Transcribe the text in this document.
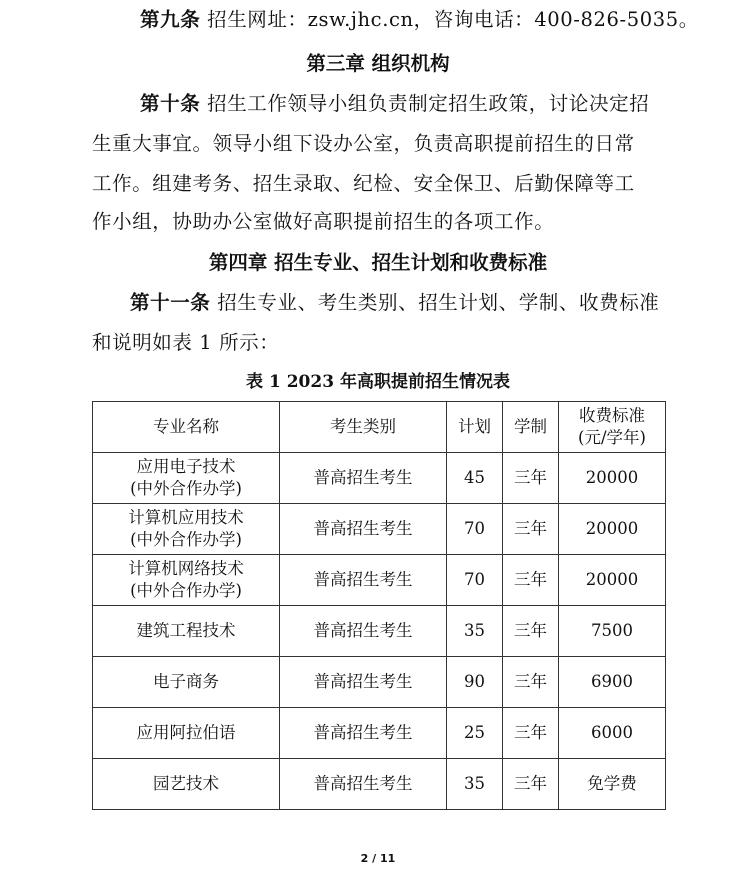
第九条 招生网址：zsw.jhc.cn，咨询电话：400-826-5035。
第三章 组织机构
第十条 招生工作领导小组负责制定招生政策，讨论决定招
生重大事宜。领导小组下设办公室，负责高职提前招生的日常
工作。组建考务、招生录取、纪检、安全保卫、后勤保障等工
作小组，协助办公室做好高职提前招生的各项工作。
第四章 招生专业、招生计划和收费标准
第十一条 招生专业、考生类别、招生计划、学制、收费标准
和说明如表 1 所示：
表 1 2023 年高职提前招生情况表
专业名称	考生类别	计划	学制	收费标准
(元/学年)

应用电子技术
(中外合作办学)	普高招生考生	45	三年	20000

计算机应用技术
(中外合作办学)	普高招生考生	70	三年	20000

计算机网络技术
(中外合作办学)	普高招生考生	70	三年	20000
建筑工程技术	普高招生考生	35	三年	7500
电子商务	普高招生考生	90	三年	6900
应用阿拉伯语	普高招生考生	25	三年	6000
园艺技术	普高招生考生	35	三年	免学费
2 / 11
